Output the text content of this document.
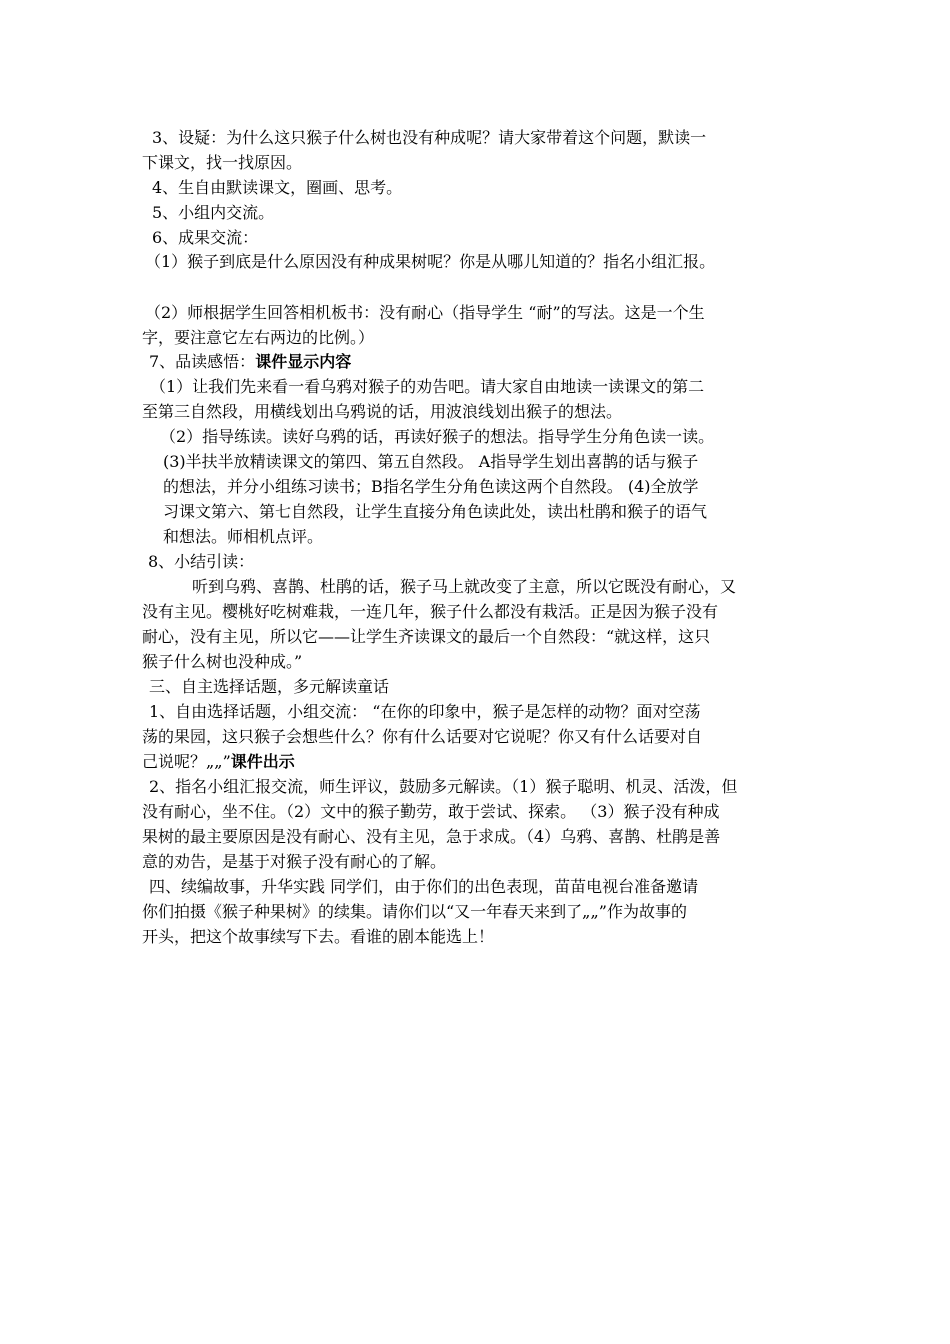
3、设疑：为什么这只猴子什么树也没有种成呢？请大家带着这个问题，默读一
下课文，找一找原因。
4、生自由默读课文，圈画、思考。
5、小组内交流。
6、成果交流：
（1）猴子到底是什么原因没有种成果树呢？你是从哪儿知道的？指名小组汇报。
（2）师根据学生回答相机板书：没有耐心（指导学生 “耐”的写法。这是一个生
字，要注意它左右两边的比例。）
7、品读感悟：课件显示内容
（1）让我们先来看一看乌鸦对猴子的劝告吧。请大家自由地读一读课文的第二
至第三自然段，用横线划出乌鸦说的话，用波浪线划出猴子的想法。
（2）指导练读。读好乌鸦的话，再读好猴子的想法。指导学生分角色读一读。
(3)半扶半放精读课文的第四、第五自然段。 A指导学生划出喜鹊的话与猴子
的想法，并分小组练习读书；B指名学生分角色读这两个自然段。 (4)全放学
习课文第六、第七自然段，让学生直接分角色读此处，读出杜鹃和猴子的语气
和想法。师相机点评。
8、小结引读：
听到乌鸦、喜鹊、杜鹃的话，猴子马上就改变了主意，所以它既没有耐心，又
没有主见。樱桃好吃树难栽，一连几年，猴子什么都没有栽活。正是因为猴子没有
耐心，没有主见，所以它——让学生齐读课文的最后一个自然段：“就这样，这只
猴子什么树也没种成。”
三、自主选择话题，多元解读童话
1、自由选择话题，小组交流： “在你的印象中，猴子是怎样的动物？面对空荡
荡的果园，这只猴子会想些什么？你有什么话要对它说呢？你又有什么话要对自
己说呢？„„”课件出示
2、指名小组汇报交流，师生评议，鼓励多元解读。（1）猴子聪明、机灵、活泼，但
没有耐心，坐不住。（2）文中的猴子勤劳，敢于尝试、探索。 （3）猴子没有种成
果树的最主要原因是没有耐心、没有主见，急于求成。（4）乌鸦、喜鹊、杜鹃是善
意的劝告，是基于对猴子没有耐心的了解。
四、续编故事，升华实践 同学们，由于你们的出色表现，苗苗电视台准备邀请
你们拍摄《猴子种果树》的续集。请你们以“又一年春天来到了„„”作为故事的
开头，把这个故事续写下去。看谁的剧本能选上！
